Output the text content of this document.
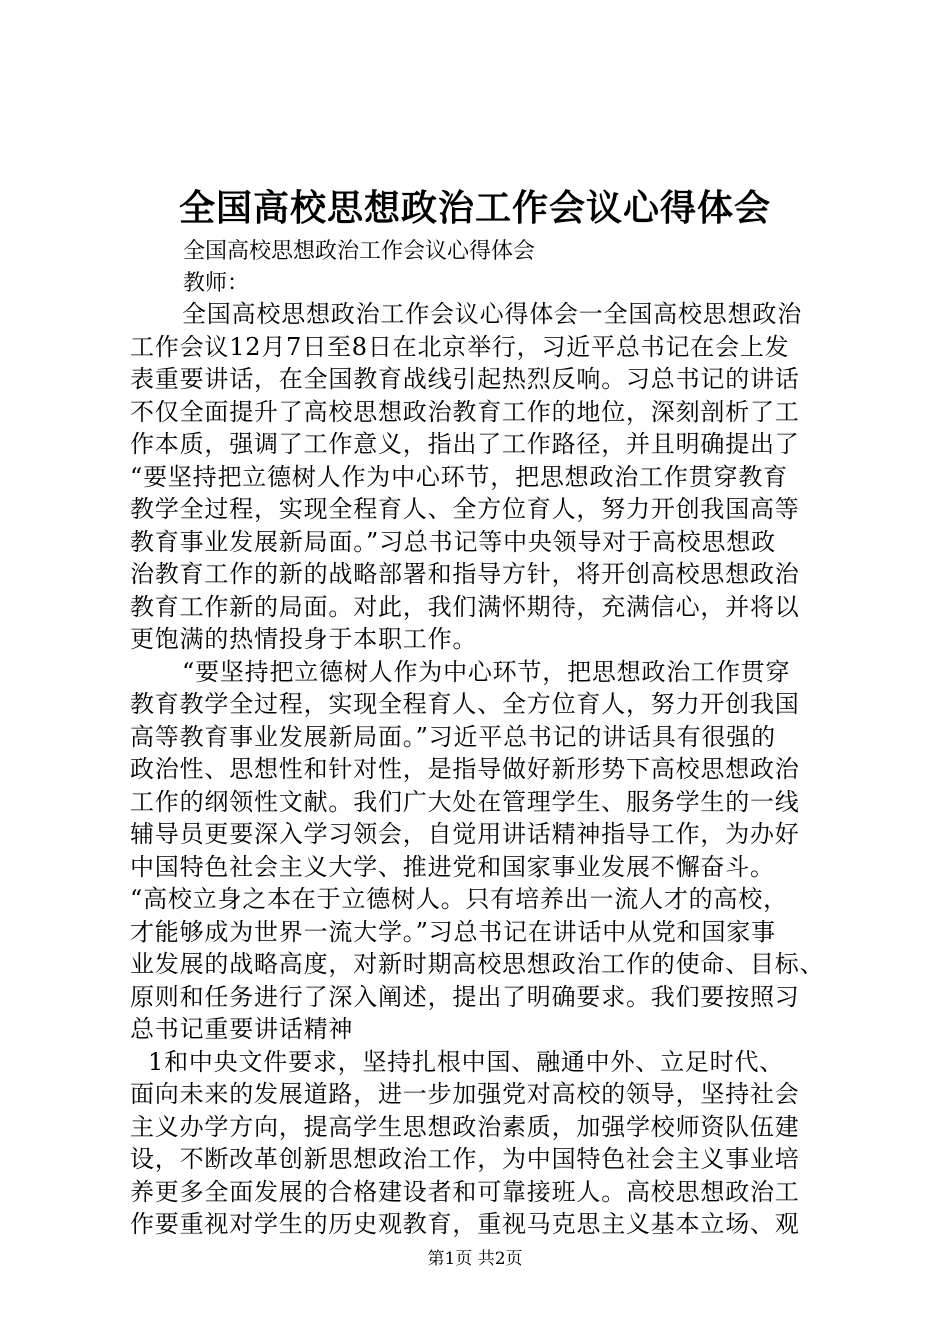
全国高校思想政治工作会议心得体会

全国高校思想政治工作会议心得体会

教师：

全国高校思想政治工作会议心得体会一全国高校思想政治

工作会议12月7日至8日在北京举行，习近平总书记在会上发

表重要讲话，在全国教育战线引起热烈反响。习总书记的讲话

不仅全面提升了高校思想政治教育工作的地位，深刻剖析了工

作本质，强调了工作意义，指出了工作路径，并且明确提出了

“要坚持把立德树人作为中心环节，把思想政治工作贯穿教育

教学全过程，实现全程育人、全方位育人，努力开创我国高等

教育事业发展新局面。”习总书记等中央领导对于高校思想政

治教育工作的新的战略部署和指导方针，将开创高校思想政治

教育工作新的局面。对此，我们满怀期待，充满信心，并将以

更饱满的热情投身于本职工作。

“要坚持把立德树人作为中心环节，把思想政治工作贯穿

教育教学全过程，实现全程育人、全方位育人，努力开创我国

高等教育事业发展新局面。”习近平总书记的讲话具有很强的

政治性、思想性和针对性，是指导做好新形势下高校思想政治

工作的纲领性文献。我们广大处在管理学生、服务学生的一线

辅导员更要深入学习领会，自觉用讲话精神指导工作，为办好

中国特色社会主义大学、推进党和国家事业发展不懈奋斗。

“高校立身之本在于立德树人。只有培养出一流人才的高校，

才能够成为世界一流大学。”习总书记在讲话中从党和国家事

业发展的战略高度，对新时期高校思想政治工作的使命、目标、

原则和任务进行了深入阐述，提出了明确要求。我们要按照习

总书记重要讲话精神

1和中央文件要求，坚持扎根中国、融通中外、立足时代、

面向未来的发展道路，进一步加强党对高校的领导，坚持社会

主义办学方向，提高学生思想政治素质，加强学校师资队伍建

设，不断改革创新思想政治工作，为中国特色社会主义事业培

养更多全面发展的合格建设者和可靠接班人。高校思想政治工

作要重视对学生的历史观教育，重视马克思主义基本立场、观

第1页 共2页
